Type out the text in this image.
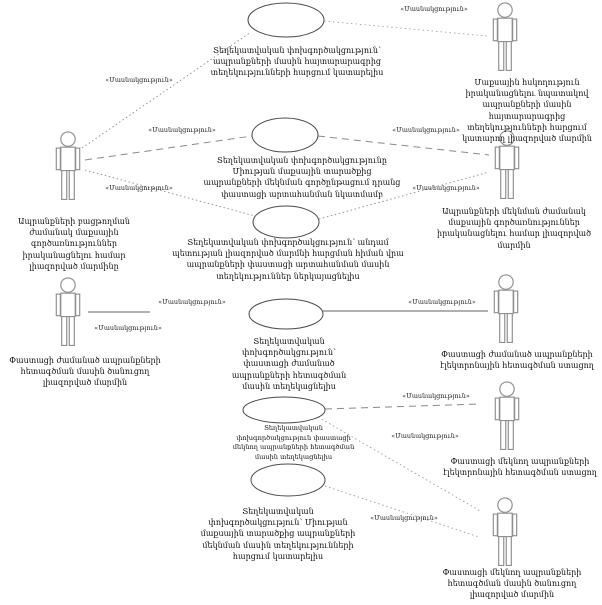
Տեղեկատվական փոխգործակցություն՝ ապրանքների մասին հայտարարագրից տեղեկությունների հարցում կատարելիս
Տեղեկատվական փոխգործակցությունը Միության մաքսային տարածքից ապրանքների մեկնման գործընթացում դրանց փաստացի արտահանման նկատմամբ
Տեղեկատվական փոխգործակցություն՝ անդամ պետության լիազորված մարմնի հարցման հիման վրա ապրանքների փաստացի արտահանման մասին տեղեկություններ ներկայացնելիս
Տեղեկատվական փոխգործակցություն՝ փաստացի ժամանած ապրանքների հետագծման մասին տեղեկացնելիս
Տեղեկատվական փոխգործակցություն փաստացի մեկնող ապրանքների հետագծման մասին տեղեկացնելիս
Տեղեկատվական փոխգործակցություն՝ Միության մաքսային տարածքից ապրանքների մեկնման մասին տեղեկությունների հարցում կատարելիս
Մաքսային հսկողություն իրականացնելու նպատակով ապրանքների մասին հայտարարագրից տեղեկությունների հարցում կատարող լիազորված մարմին
Ապրանքների բացթողման ժամանակ մաքսային գործառնություններ իրականացնելու համար լիազորված մարմինը
Ապրանքների մեկնման ժամանակ մաքսային գործառնություններ իրականացնելու համար լիազորված մարմին
Փաստացի ժամանած ապրանքների հետագծման մասին ծանուցող լիազորված մարմին
Փաստացի ժամանած ապրանքների էլեկտրոնային հետագծման ստացող
Փաստացի մեկնող ապրանքների էլեկտրոնային հետագծման ստացող
Փաստացի մեկնող ապրանքների հետագծման մասին ծանուցող լիազորված մարմին
«Մասնակցություն»
«Մասնակցություն»
«Մասնակցություն»	«Մասնակցություն»
«Մասնակցություն»	«Մասնակցություն»
«Մասնակցություն»
«Մասնակցություն»
«Մասնակցություն»
«Մասնակցություն»
«Մասնակցություն»
«Մասնակցություն»
